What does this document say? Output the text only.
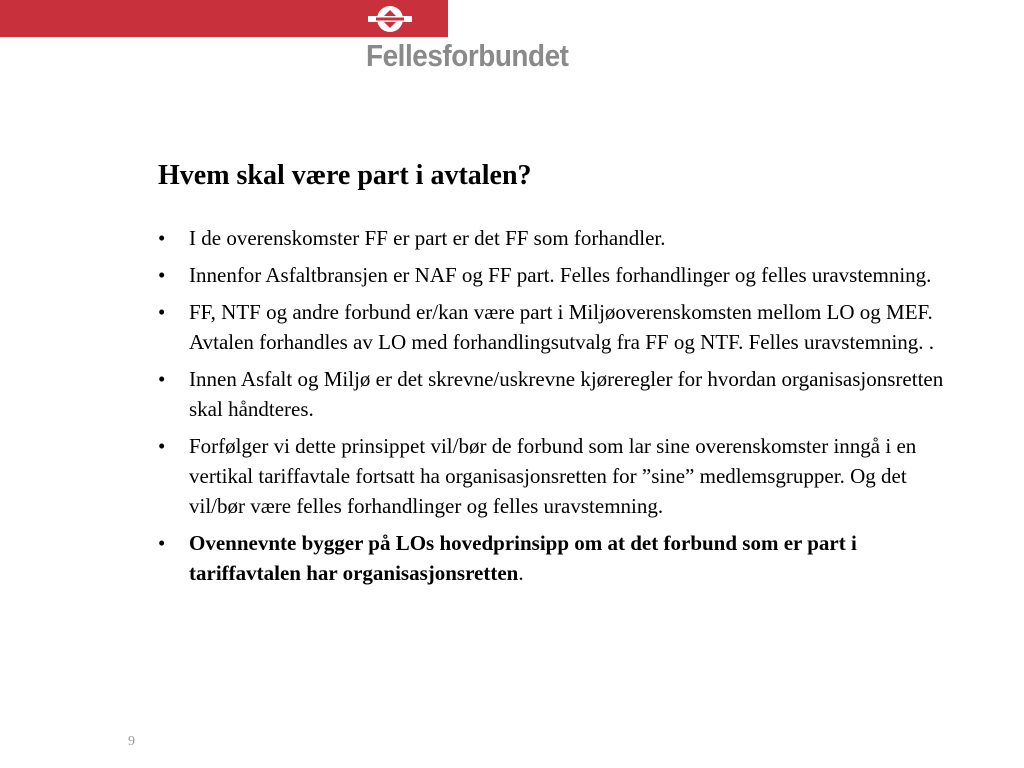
Fellesforbundet
Hvem skal være part i avtalen?
• I de overenskomster FF er part er det FF som forhandler.
• Innenfor Asfaltbransjen er NAF og FF part. Felles forhandlinger og felles uravstemning.
• FF, NTF og andre forbund er/kan være part i Miljøoverenskomsten mellom LO og MEF. Avtalen forhandles av LO med forhandlingsutvalg fra FF og NTF. Felles uravstemning. .
• Innen Asfalt og Miljø er det skrevne/uskrevne kjøreregler for hvordan organisasjonsretten skal håndteres.
• Forfølger vi dette prinsippet vil/bør de forbund som lar sine overenskomster inngå i en vertikal tariffavtale fortsatt ha organisasjonsretten for ”sine” medlemsgrupper. Og det vil/bør være felles forhandlinger og felles uravstemning.
• Ovennevnte bygger på LOs hovedprinsipp om at det forbund som er part i tariffavtalen har organisasjonsretten.
9
